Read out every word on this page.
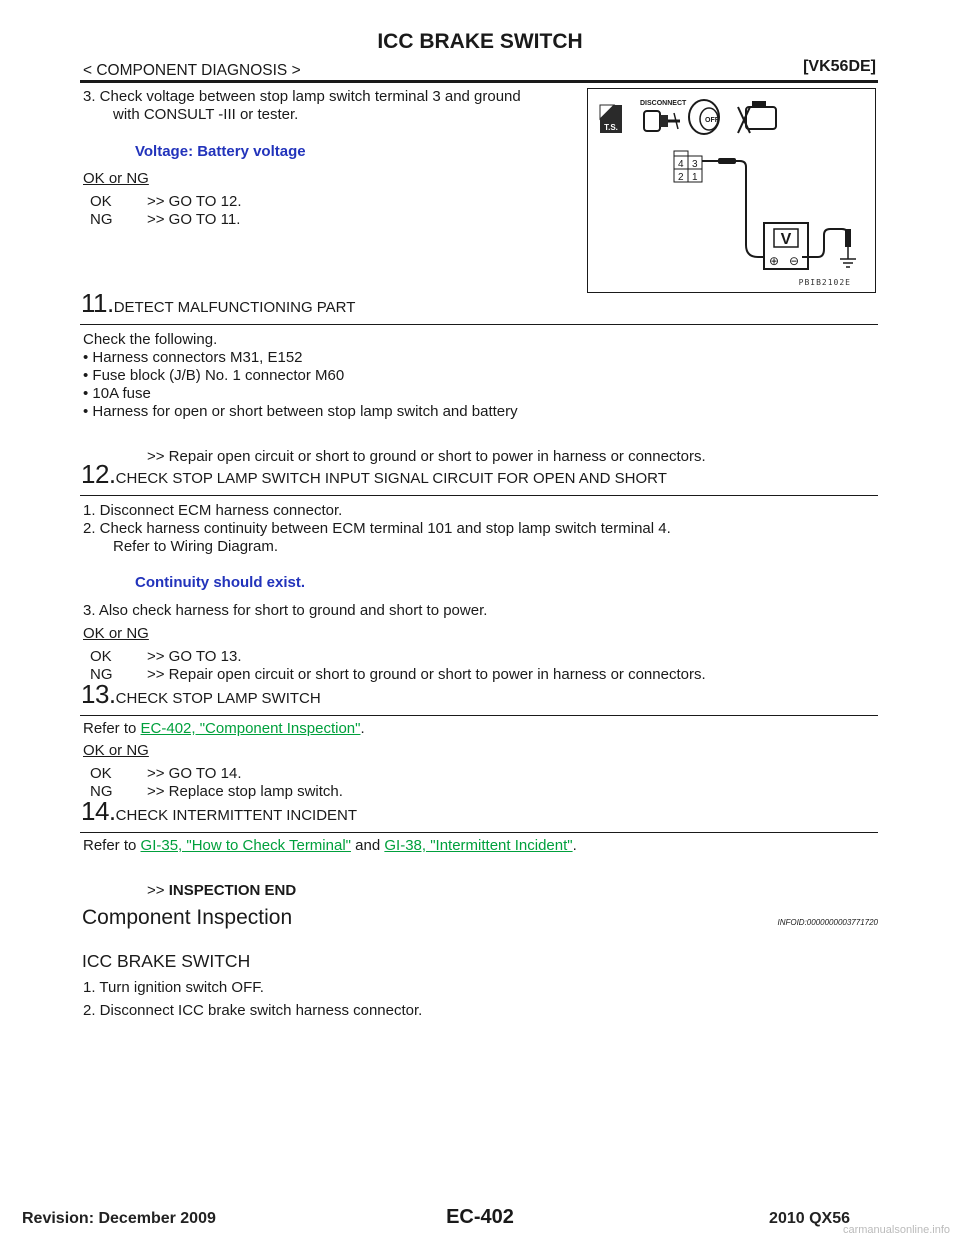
ICC BRAKE SWITCH
< COMPONENT DIAGNOSIS >	[VK56DE]
3. Check voltage between stop lamp switch terminal 3 and ground
with CONSULT -III or tester.
Voltage: Battery voltage
OK or NG
OK >> GO TO 12.
NG >> GO TO 11.
T.S.
DISCONNECT
OFF
4 3
2 1
V
⊕ ⊖
PBIB2102E
11.DETECT MALFUNCTIONING PART
Check the following.
• Harness connectors M31, E152
• Fuse block (J/B) No. 1 connector M60
• 10A fuse
• Harness for open or short between stop lamp switch and battery
>> Repair open circuit or short to ground or short to power in harness or connectors.
12.CHECK STOP LAMP SWITCH INPUT SIGNAL CIRCUIT FOR OPEN AND SHORT
1. Disconnect ECM harness connector.
2. Check harness continuity between ECM terminal 101 and stop lamp switch terminal 4.
Refer to Wiring Diagram.
Continuity should exist.
3. Also check harness for short to ground and short to power.
OK or NG
OK >> GO TO 13.
NG >> Repair open circuit or short to ground or short to power in harness or connectors.
13.CHECK STOP LAMP SWITCH
Refer to EC-402, "Component Inspection".
OK or NG
OK >> GO TO 14.
NG >> Replace stop lamp switch.
14.CHECK INTERMITTENT INCIDENT
Refer to GI-35, "How to Check Terminal" and GI-38, "Intermittent Incident".
>> INSPECTION END
Component Inspection	INFOID:0000000003771720
ICC BRAKE SWITCH
1. Turn ignition switch OFF.
2. Disconnect ICC brake switch harness connector.
Revision: December 2009	EC-402	2010 QX56
carmanualsonline.info
